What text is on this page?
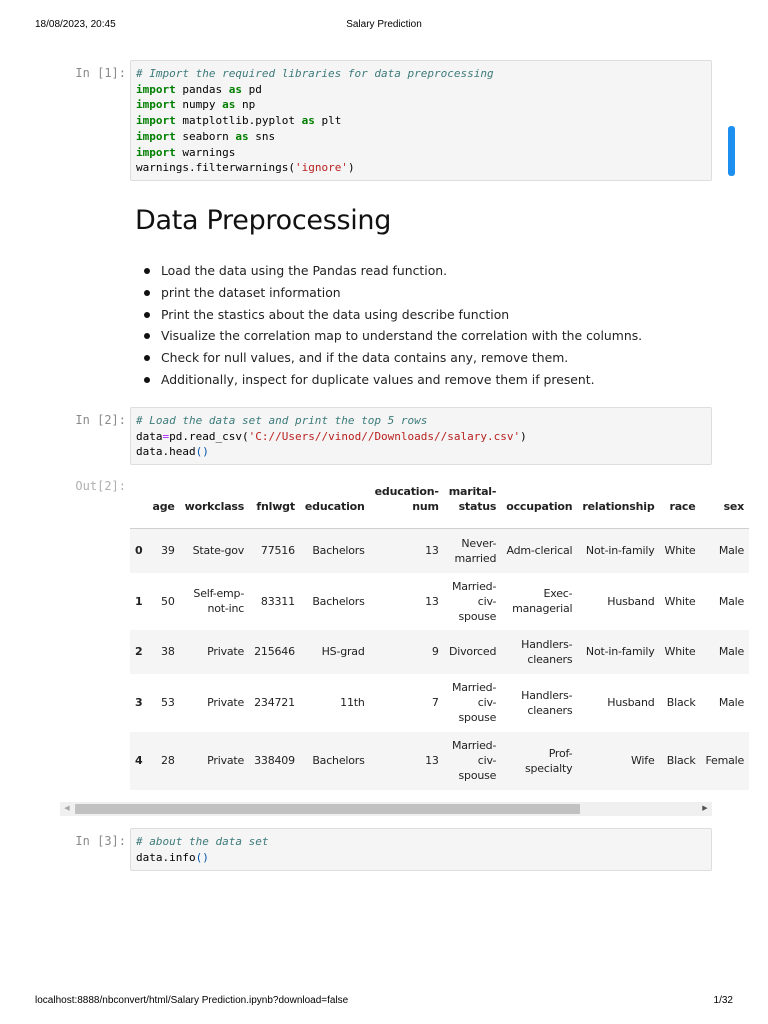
18/08/2023, 20:45	Salary Prediction
In [1]: # Import the required libraries for data preprocessing
import pandas as pd
import numpy as np
import matplotlib.pyplot as plt
import seaborn as sns
import warnings
warnings.filterwarnings('ignore')
Data Preprocessing
Load the data using the Pandas read function.
print the dataset information
Print the stastics about the data using describe function
Visualize the correlation map to understand the correlation with the columns.
Check for null values, and if the data contains any, remove them.
Additionally, inspect for duplicate values and remove them if present.
In [2]: # Load the data set and print the top 5 rows
data=pd.read_csv('C://Users//vinod//Downloads//salary.csv')
data.head()
Out[2]:
	age	workclass	fnlwgt	education	education-num	marital-status	occupation	relationship	race	sex
0	39	State-gov	77516	Bachelors	13	Never-married	Adm-clerical	Not-in-family	White	Male
1	50	Self-emp-not-inc	83311	Bachelors	13	Married-civ-spouse	Exec-managerial	Husband	White	Male
2	38	Private	215646	HS-grad	9	Divorced	Handlers-cleaners	Not-in-family	White	Male
3	53	Private	234721	11th	7	Married-civ-spouse	Handlers-cleaners	Husband	Black	Male
4	28	Private	338409	Bachelors	13	Married-civ-spouse	Prof-specialty	Wife	Black	Female
◀	▶
In [3]: # about the data set
data.info()
localhost:8888/nbconvert/html/Salary Prediction.ipynb?download=false	1/32
